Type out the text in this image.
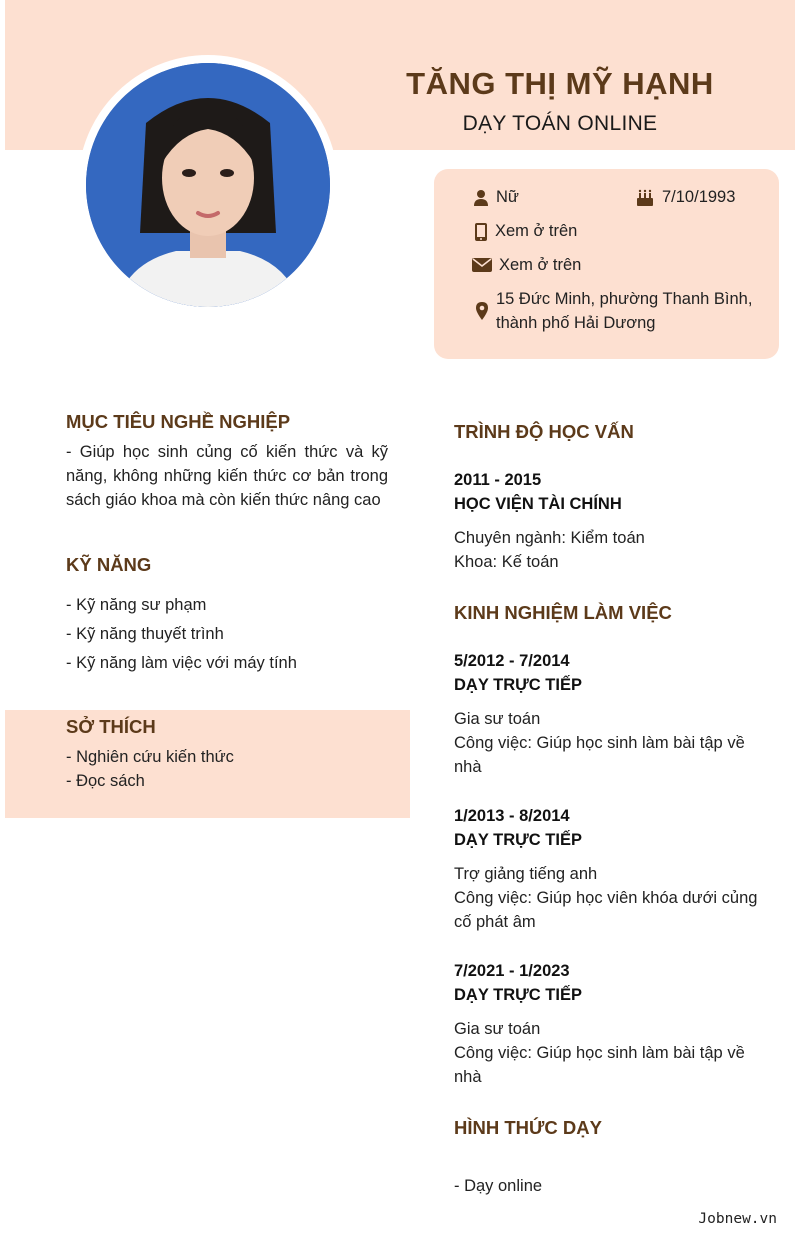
TĂNG THỊ MỸ HẠNH
DẠY TOÁN ONLINE
Nữ	7/10/1993
Xem ở trên
Xem ở trên
15 Đức Minh, phường Thanh Bình,
thành phố Hải Dương
MỤC TIÊU NGHỀ NGHIỆP
- Giúp học sinh củng cố kiến thức và kỹ năng, không những kiến thức cơ bản trong sách giáo khoa mà còn kiến thức nâng cao
KỸ NĂNG
- Kỹ năng sư phạm
- Kỹ năng thuyết trình
- Kỹ năng làm việc với máy tính
SỞ THÍCH
- Nghiên cứu kiến thức
- Đọc sách
TRÌNH ĐỘ HỌC VẤN
2011 - 2015
HỌC VIỆN TÀI CHÍNH
Chuyên ngành: Kiểm toán
Khoa: Kế toán
KINH NGHIỆM LÀM VIỆC
5/2012 - 7/2014
DẠY TRỰC TIẾP
Gia sư toán
Công việc: Giúp học sinh làm bài tập về nhà
1/2013 - 8/2014
DẠY TRỰC TIẾP
Trợ giảng tiếng anh
Công việc: Giúp học viên khóa dưới củng cố phát âm
7/2021 - 1/2023
DẠY TRỰC TIẾP
Gia sư toán
Công việc: Giúp học sinh làm bài tập về nhà
HÌNH THỨC DẠY
- Dạy online
Jobnew.vn
